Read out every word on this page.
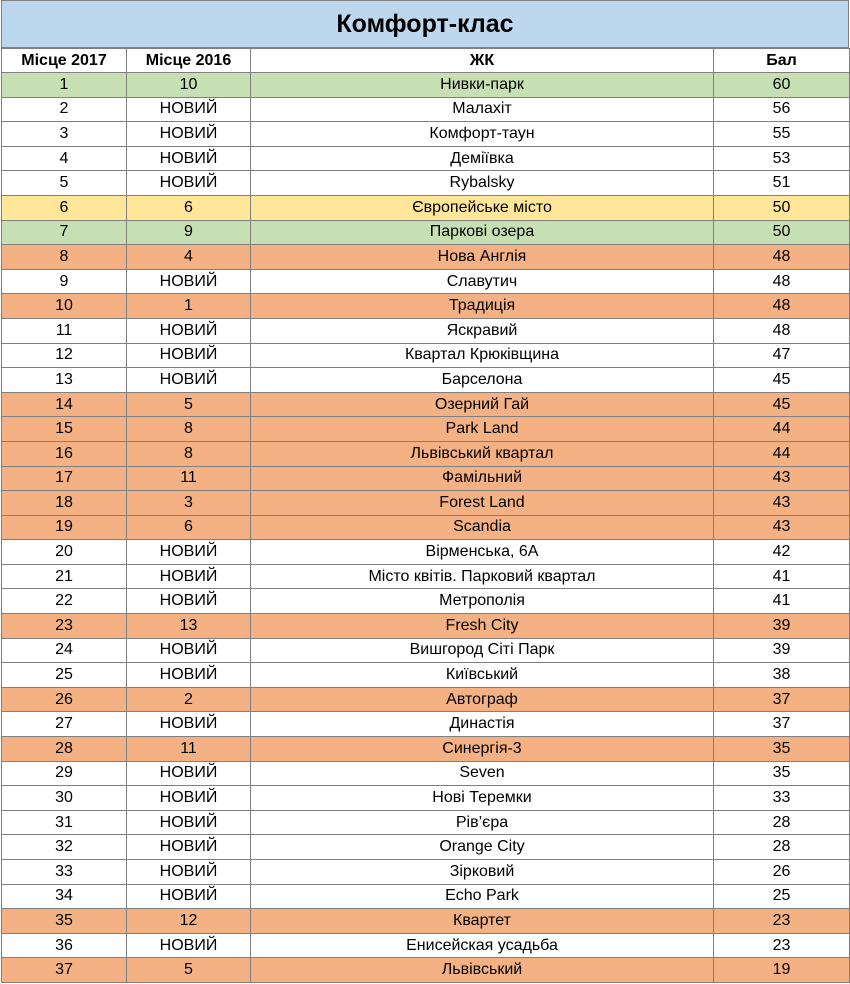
Комфорт-клас
Місце 2017	Місце 2016	ЖК	Бал
1	10	Нивки-парк	60
2	НОВИЙ	Малахіт	56
3	НОВИЙ	Комфорт-таун	55
4	НОВИЙ	Деміївка	53
5	НОВИЙ	Rybalsky	51
6	6	Європейське місто	50
7	9	Паркові озера	50
8	4	Нова Англія	48
9	НОВИЙ	Славутич	48
10	1	Традиція	48
11	НОВИЙ	Яскравий	48
12	НОВИЙ	Квартал Крюківщина	47
13	НОВИЙ	Барселона	45
14	5	Озерний Гай	45
15	8	Park Land	44
16	8	Львівський квартал	44
17	11	Фамільний	43
18	3	Forest Land	43
19	6	Scandia	43
20	НОВИЙ	Вірменська, 6А	42
21	НОВИЙ	Місто квітів. Парковий квартал	41
22	НОВИЙ	Метрополія	41
23	13	Fresh City	39
24	НОВИЙ	Вишгород Сіті Парк	39
25	НОВИЙ	Київський	38
26	2	Автограф	37
27	НОВИЙ	Династія	37
28	11	Синергія-3	35
29	НОВИЙ	Seven	35
30	НОВИЙ	Нові Теремки	33
31	НОВИЙ	Рів’єра	28
32	НОВИЙ	Orange City	28
33	НОВИЙ	Зірковий	26
34	НОВИЙ	Echo Park	25
35	12	Квартет	23
36	НОВИЙ	Енисейская усадьба	23
37	5	Львівський	19
